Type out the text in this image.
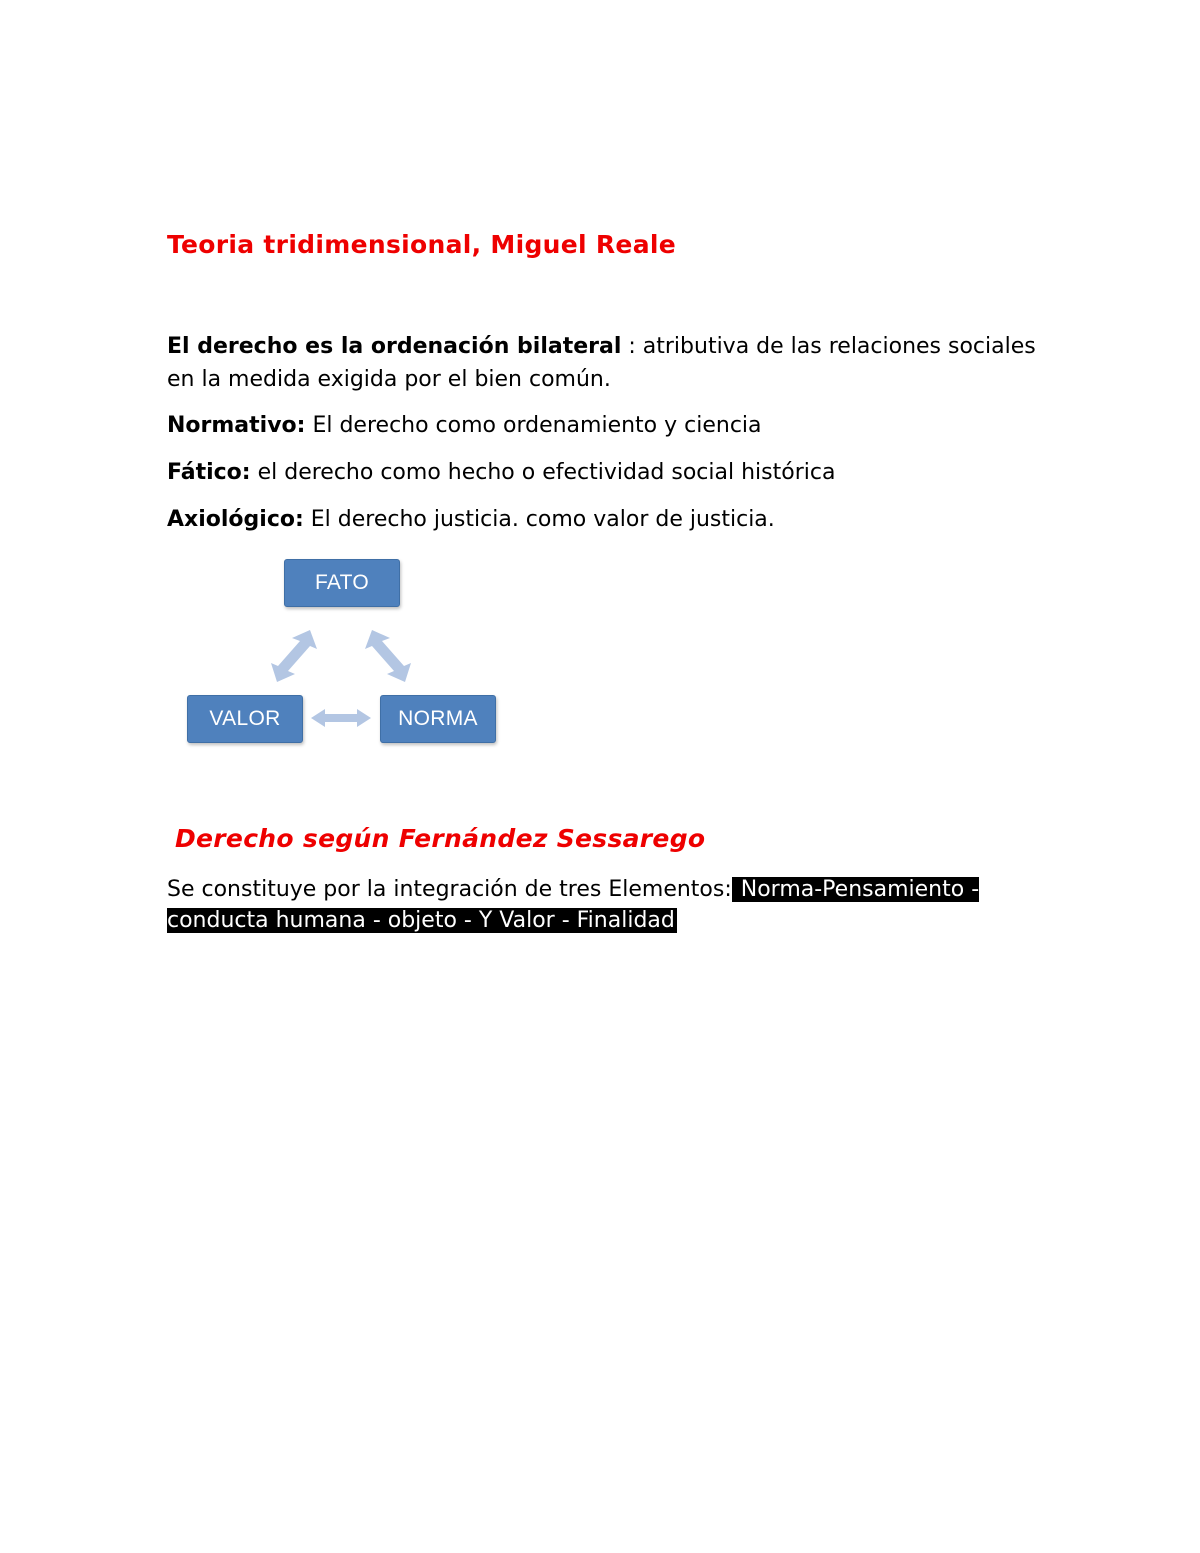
Teoria tridimensional, Miguel Reale

El derecho es la ordenación bilateral : atributiva de las relaciones sociales en la medida exigida por el bien común.

Normativo: El derecho como ordenamiento y ciencia

Fático: el derecho como hecho o efectividad social histórica

Axiológico: El derecho justicia. como valor de justicia.

FATO
VALOR	NORMA
Derecho según Fernández Sessarego

Se constituye por la integración de tres Elementos: Norma-Pensamiento - conducta humana - objeto - Y Valor - Finalidad
